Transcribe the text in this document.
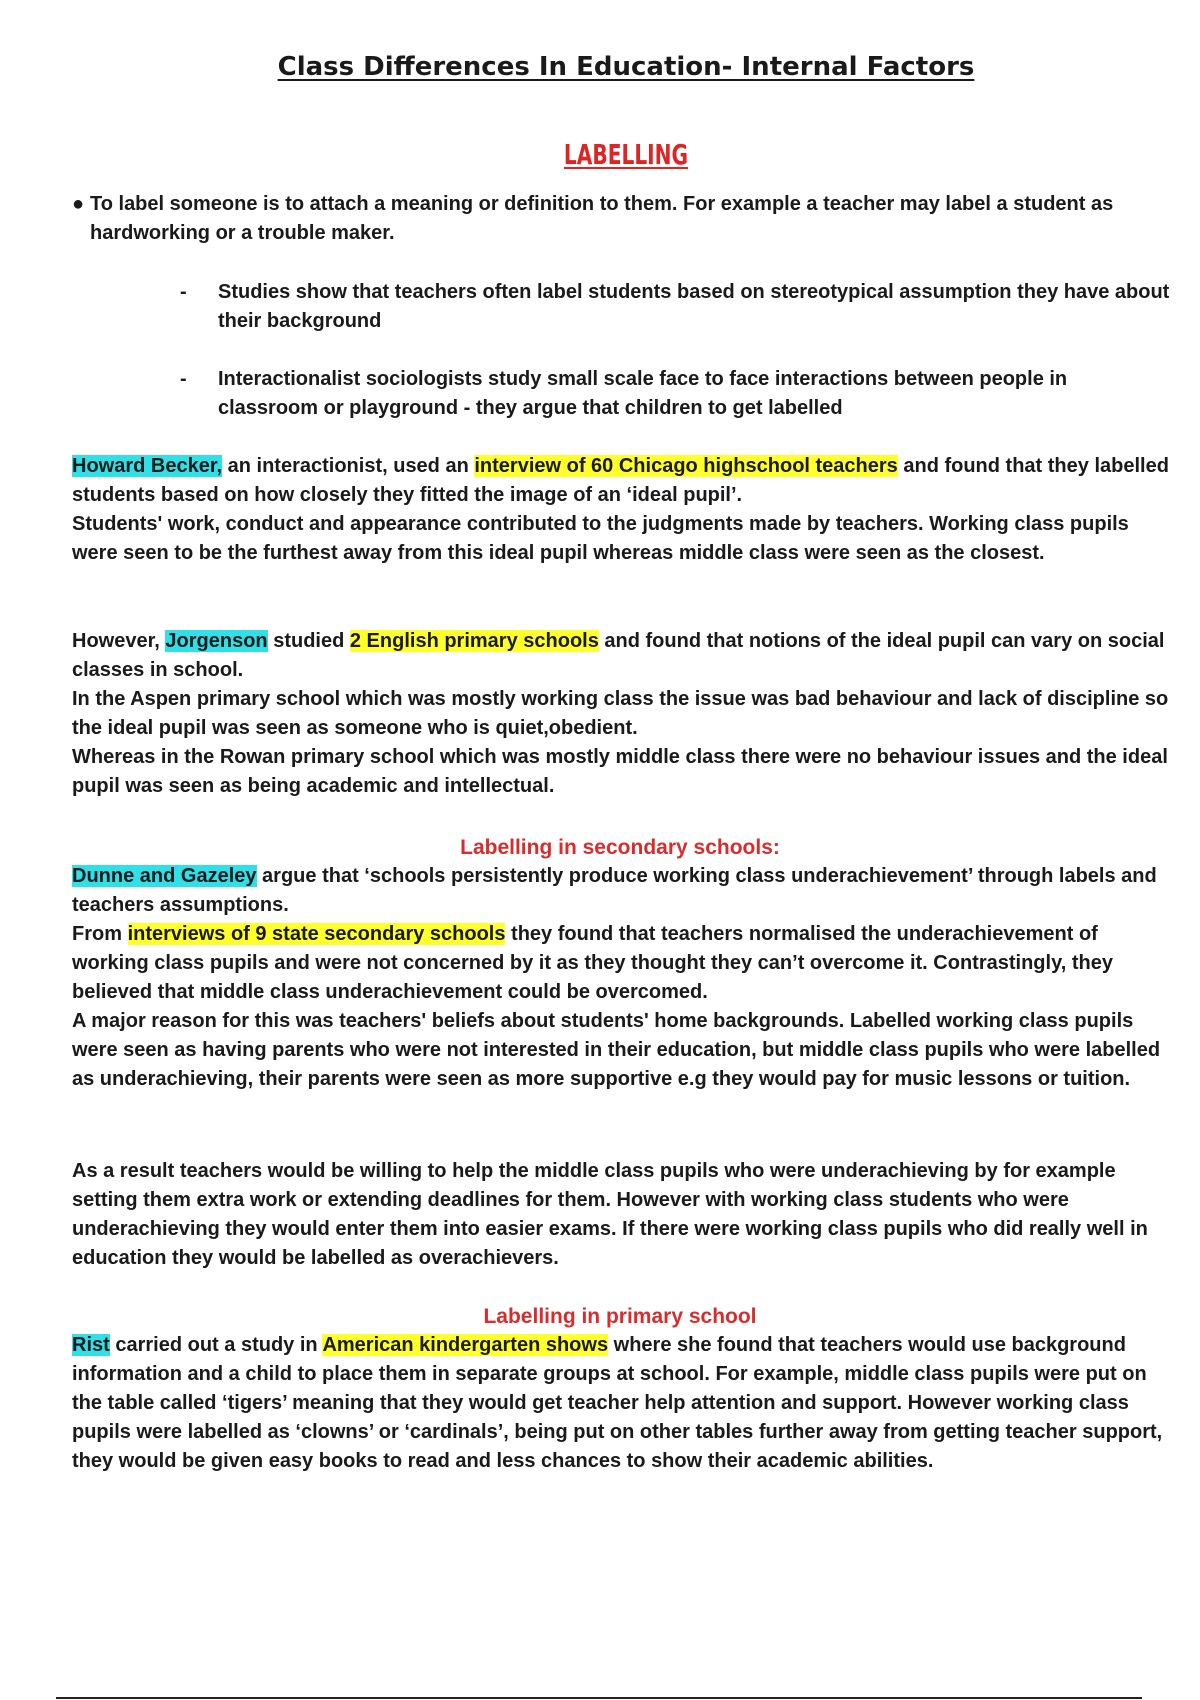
Class Differences In Education- Internal Factors
LABELLING
● To label someone is to attach a meaning or definition to them. For example a teacher may label a student as hardworking or a trouble maker.
-	Studies show that teachers often label students based on stereotypical assumption they have about their background
-	Interactionalist sociologists study small scale face to face interactions between people in classroom or playground - they argue that children to get labelled
Howard Becker, an interactionist, used an interview of 60 Chicago highschool teachers and found that they labelled students based on how closely they fitted the image of an ‘ideal pupil’.
Students' work, conduct and appearance contributed to the judgments made by teachers. Working class pupils were seen to be the furthest away from this ideal pupil whereas middle class were seen as the closest.
However, Jorgenson studied 2 English primary schools and found that notions of the ideal pupil can vary on social classes in school.
In the Aspen primary school which was mostly working class the issue was bad behaviour and lack of discipline so the ideal pupil was seen as someone who is quiet,obedient.
Whereas in the Rowan primary school which was mostly middle class there were no behaviour issues and the ideal pupil was seen as being academic and intellectual.
Labelling in secondary schools:
Dunne and Gazeley argue that ‘schools persistently produce working class underachievement’ through labels and teachers assumptions.
From interviews of 9 state secondary schools they found that teachers normalised the underachievement of working class pupils and were not concerned by it as they thought they can’t overcome it. Contrastingly, they believed that middle class underachievement could be overcomed.
A major reason for this was teachers' beliefs about students' home backgrounds. Labelled working class pupils were seen as having parents who were not interested in their education, but middle class pupils who were labelled as underachieving, their parents were seen as more supportive e.g they would pay for music lessons or tuition.
As a result teachers would be willing to help the middle class pupils who were underachieving by for example setting them extra work or extending deadlines for them. However with working class students who were underachieving they would enter them into easier exams. If there were working class pupils who did really well in education they would be labelled as overachievers.
Labelling in primary school
Rist carried out a study in American kindergarten shows where she found that teachers would use background information and a child to place them in separate groups at school. For example, middle class pupils were put on the table called ‘tigers’ meaning that they would get teacher help attention and support. However working class pupils were labelled as ‘clowns’ or ‘cardinals’, being put on other tables further away from getting teacher support, they would be given easy books to read and less chances to show their academic abilities.
